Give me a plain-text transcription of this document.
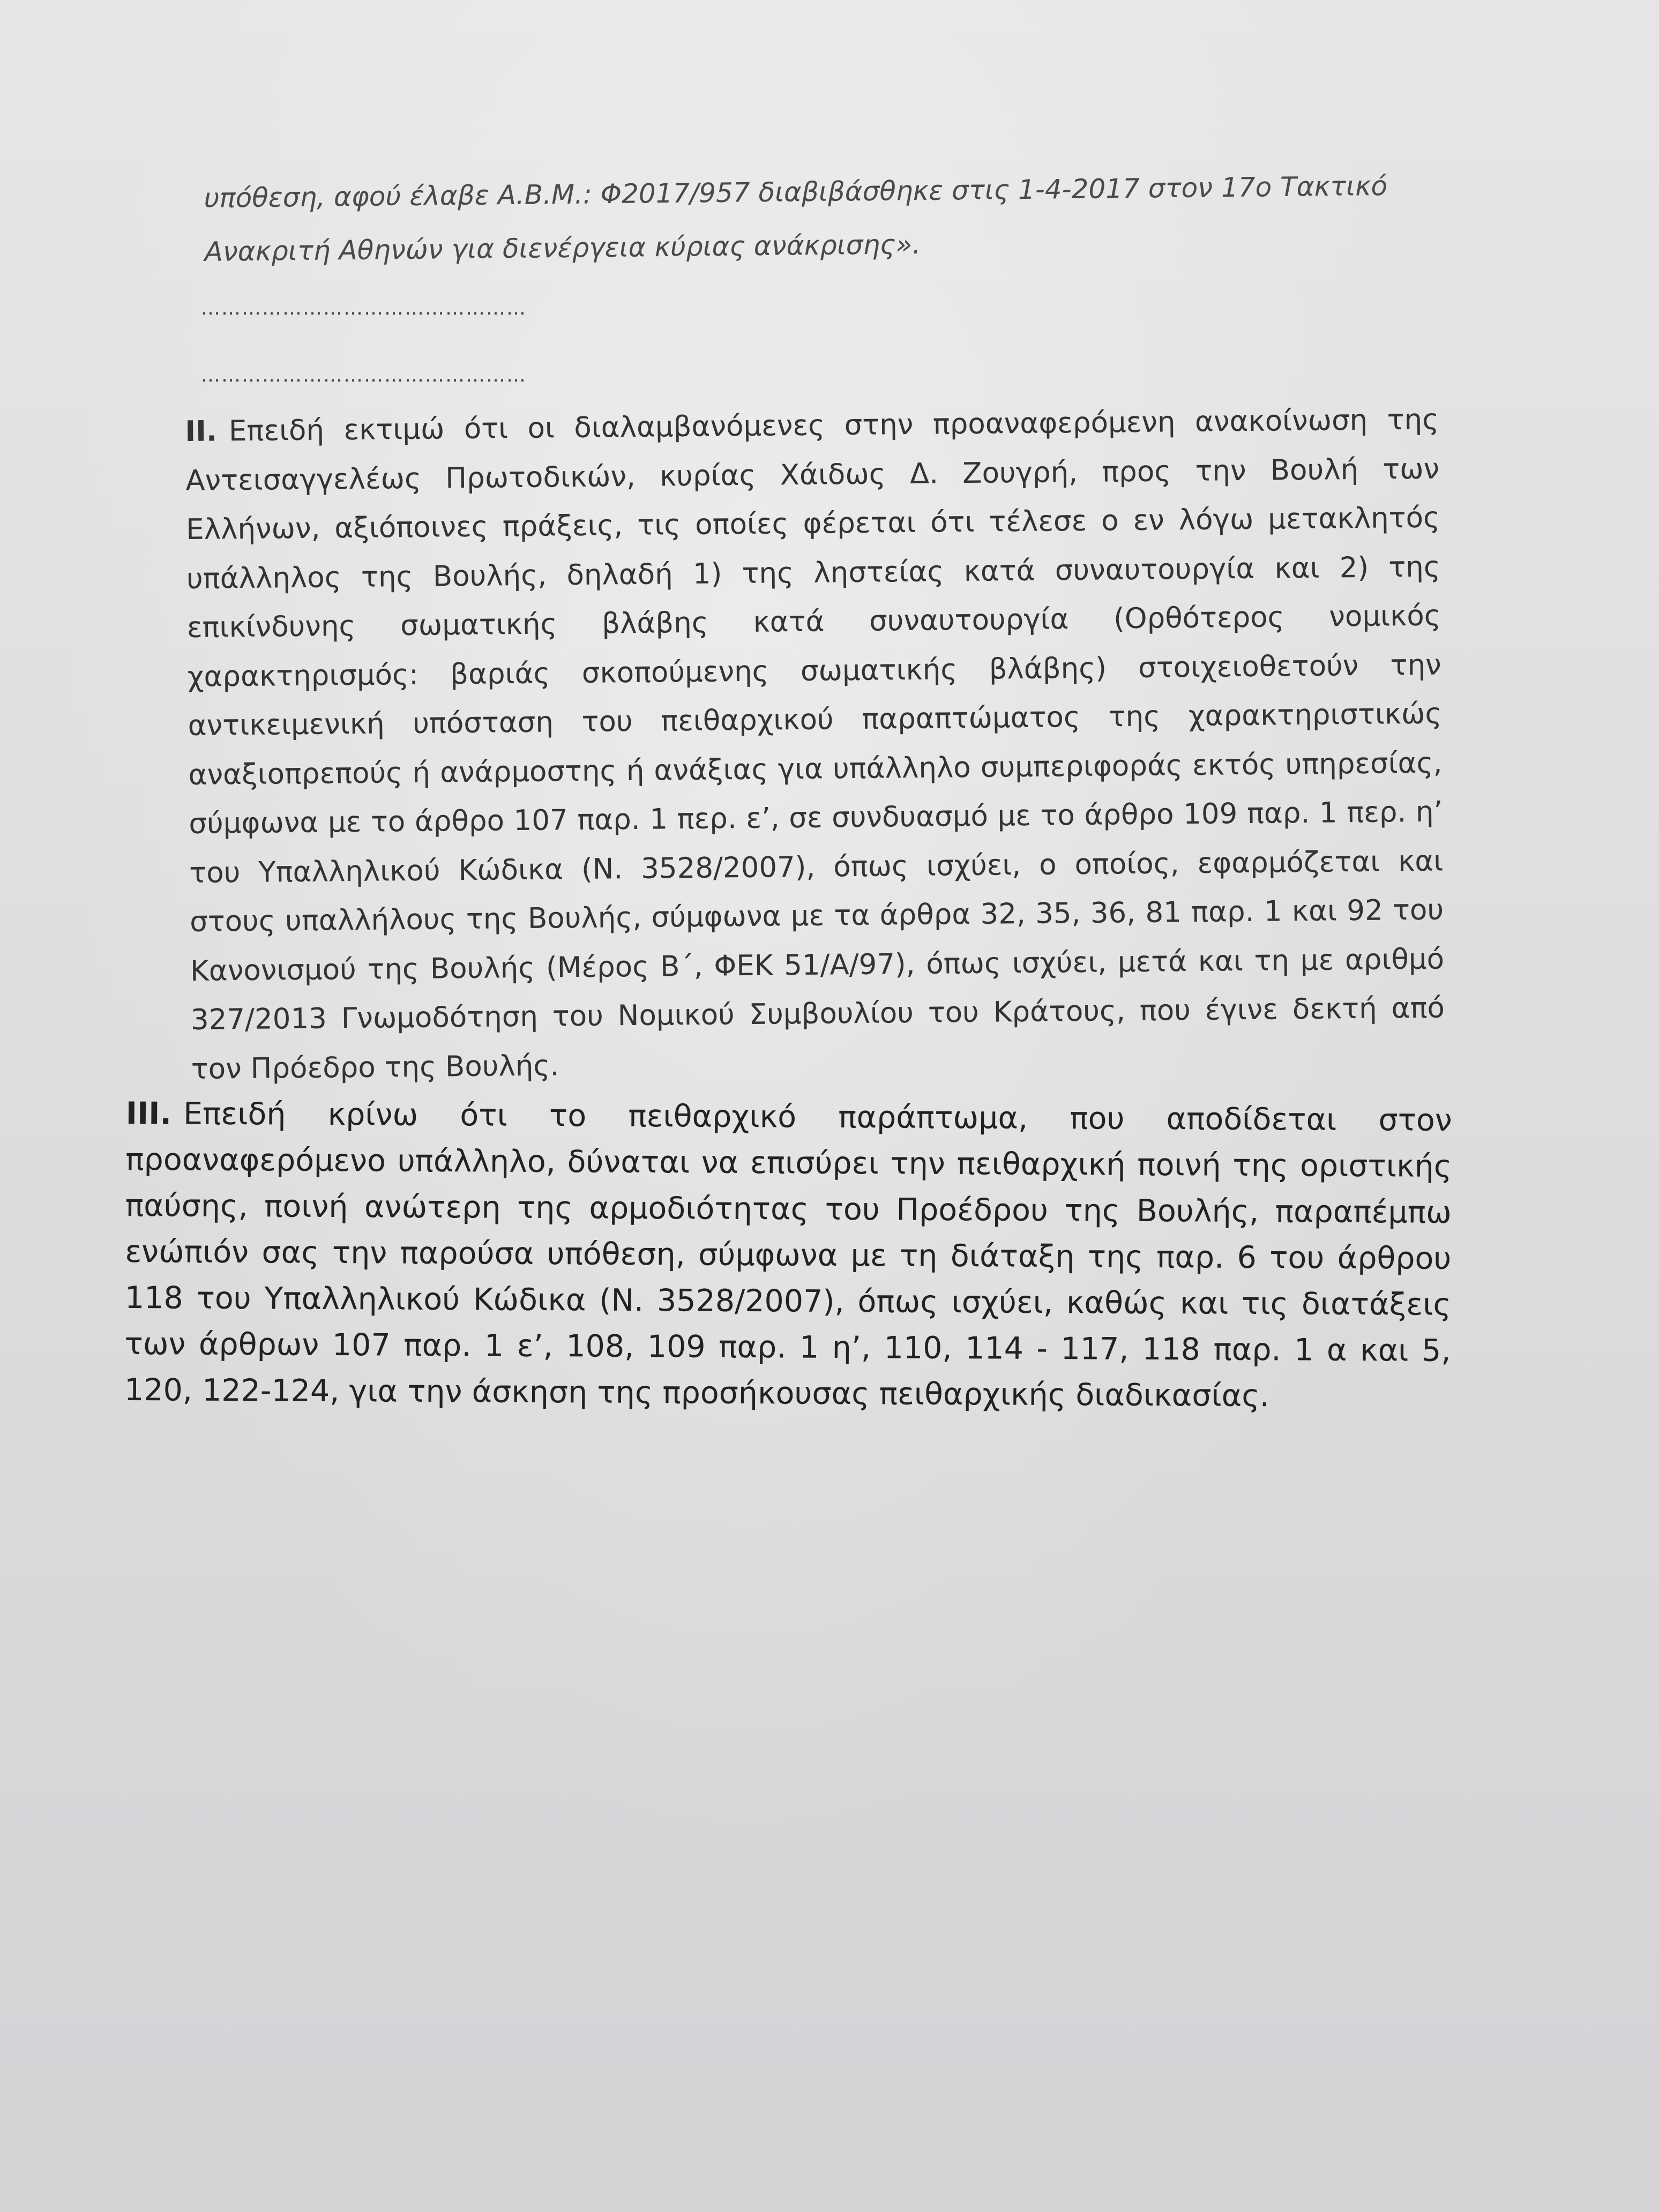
υπόθεση, αφού έλαβε Α.Β.Μ.: Φ2017/957 διαβιβάσθηκε στις 1-4-2017 στον 17ο Τακτικό Ανακριτή Αθηνών για διενέργεια κύριας ανάκρισης».

…………………………………………
…………………………………………

II. Επειδή εκτιμώ ότι οι διαλαμβανόμενες στην προαναφερόμενη ανακοίνωση της Αντεισαγγελέως Πρωτοδικών, κυρίας Χάιδως Δ. Ζουγρή, προς την Βουλή των Ελλήνων, αξιόποινες πράξεις, τις οποίες φέρεται ότι τέλεσε ο εν λόγω μετακλητός υπάλληλος της Βουλής, δηλαδή 1) της ληστείας κατά συναυτουργία και 2) της επικίνδυνης σωματικής βλάβης κατά συναυτουργία (Ορθότερος νομικός χαρακτηρισμός: βαριάς σκοπούμενης σωματικής βλάβης) στοιχειοθετούν την αντικειμενική υπόσταση του πειθαρχικού παραπτώματος της χαρακτηριστικώς αναξιοπρεπούς ή ανάρμοστης ή ανάξιας για υπάλληλο συμπεριφοράς εκτός υπηρεσίας, σύμφωνα με το άρθρο 107 παρ. 1 περ. ε’, σε συνδυασμό με το άρθρο 109 παρ. 1 περ. η’ του Υπαλληλικού Κώδικα (Ν. 3528/2007), όπως ισχύει, ο οποίος, εφαρμόζεται και στους υπαλλήλους της Βουλής, σύμφωνα με τα άρθρα 32, 35, 36, 81 παρ. 1 και 92 του Κανονισμού της Βουλής (Μέρος Β΄, ΦΕΚ 51/Α/97), όπως ισχύει, μετά και τη με αριθμό 327/2013 Γνωμοδότηση του Νομικού Συμβουλίου του Κράτους, που έγινε δεκτή από τον Πρόεδρο της Βουλής.

III. Επειδή κρίνω ότι το πειθαρχικό παράπτωμα, που αποδίδεται στον προαναφερόμενο υπάλληλο, δύναται να επισύρει την πειθαρχική ποινή της οριστικής παύσης, ποινή ανώτερη της αρμοδιότητας του Προέδρου της Βουλής, παραπέμπω ενώπιόν σας την παρούσα υπόθεση, σύμφωνα με τη διάταξη της παρ. 6 του άρθρου 118 του Υπαλληλικού Κώδικα (Ν. 3528/2007), όπως ισχύει, καθώς και τις διατάξεις των άρθρων 107 παρ. 1 ε’, 108, 109 παρ. 1 η’, 110, 114 - 117, 118 παρ. 1 α και 5, 120, 122-124, για την άσκηση της προσήκουσας πειθαρχικής διαδικασίας.
